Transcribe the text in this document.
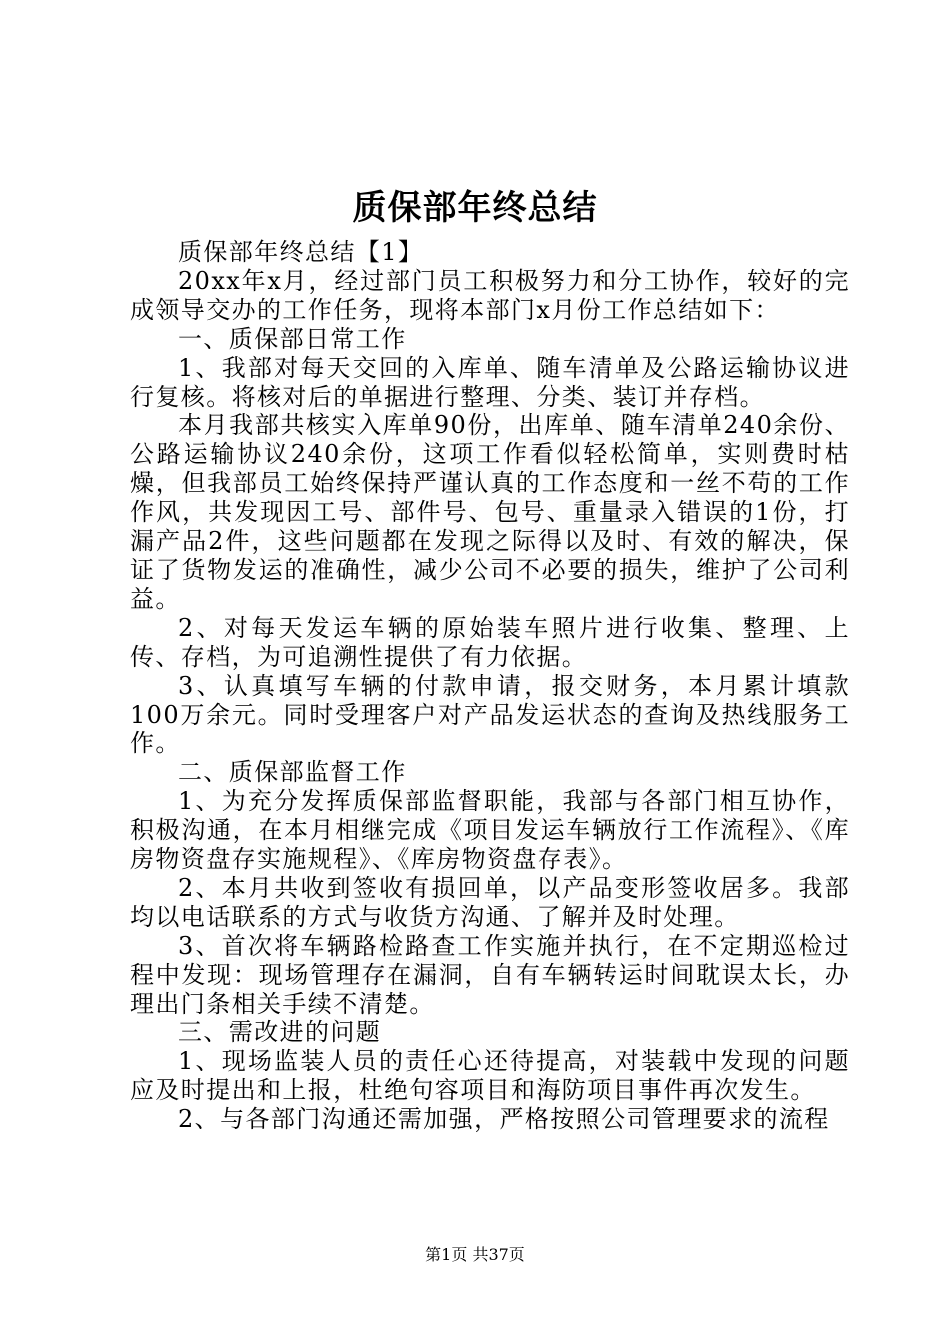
质保部年终总结

质保部年终总结【1】

20xx年x月，经过部门员工积极努力和分工协作，较好的完成领导交办的工作任务，现将本部门x月份工作总结如下：

一、质保部日常工作

1、我部对每天交回的入库单、随车清单及公路运输协议进行复核。将核对后的单据进行整理、分类、装订并存档。

本月我部共核实入库单90份，出库单、随车清单240余份、公路运输协议240余份，这项工作看似轻松简单，实则费时枯燥，但我部员工始终保持严谨认真的工作态度和一丝不苟的工作作风，共发现因工号、部件号、包号、重量录入错误的1份，打漏产品2件，这些问题都在发现之际得以及时、有效的解决，保证了货物发运的准确性，减少公司不必要的损失，维护了公司利益。

2、对每天发运车辆的原始装车照片进行收集、整理、上传、存档，为可追溯性提供了有力依据。

3、认真填写车辆的付款申请，报交财务，本月累计填款100万余元。同时受理客户对产品发运状态的查询及热线服务工作。

二、质保部监督工作

1、为充分发挥质保部监督职能，我部与各部门相互协作，积极沟通，在本月相继完成《项目发运车辆放行工作流程》、《库房物资盘存实施规程》、《库房物资盘存表》。

2、本月共收到签收有损回单，以产品变形签收居多。我部均以电话联系的方式与收货方沟通、了解并及时处理。

3、首次将车辆路检路查工作实施并执行，在不定期巡检过程中发现：现场管理存在漏洞，自有车辆转运时间耽误太长，办理出门条相关手续不清楚。

三、需改进的问题

1、现场监装人员的责任心还待提高，对装载中发现的问题应及时提出和上报，杜绝句容项目和海防项目事件再次发生。

2、与各部门沟通还需加强，严格按照公司管理要求的流程

第1页 共37页
